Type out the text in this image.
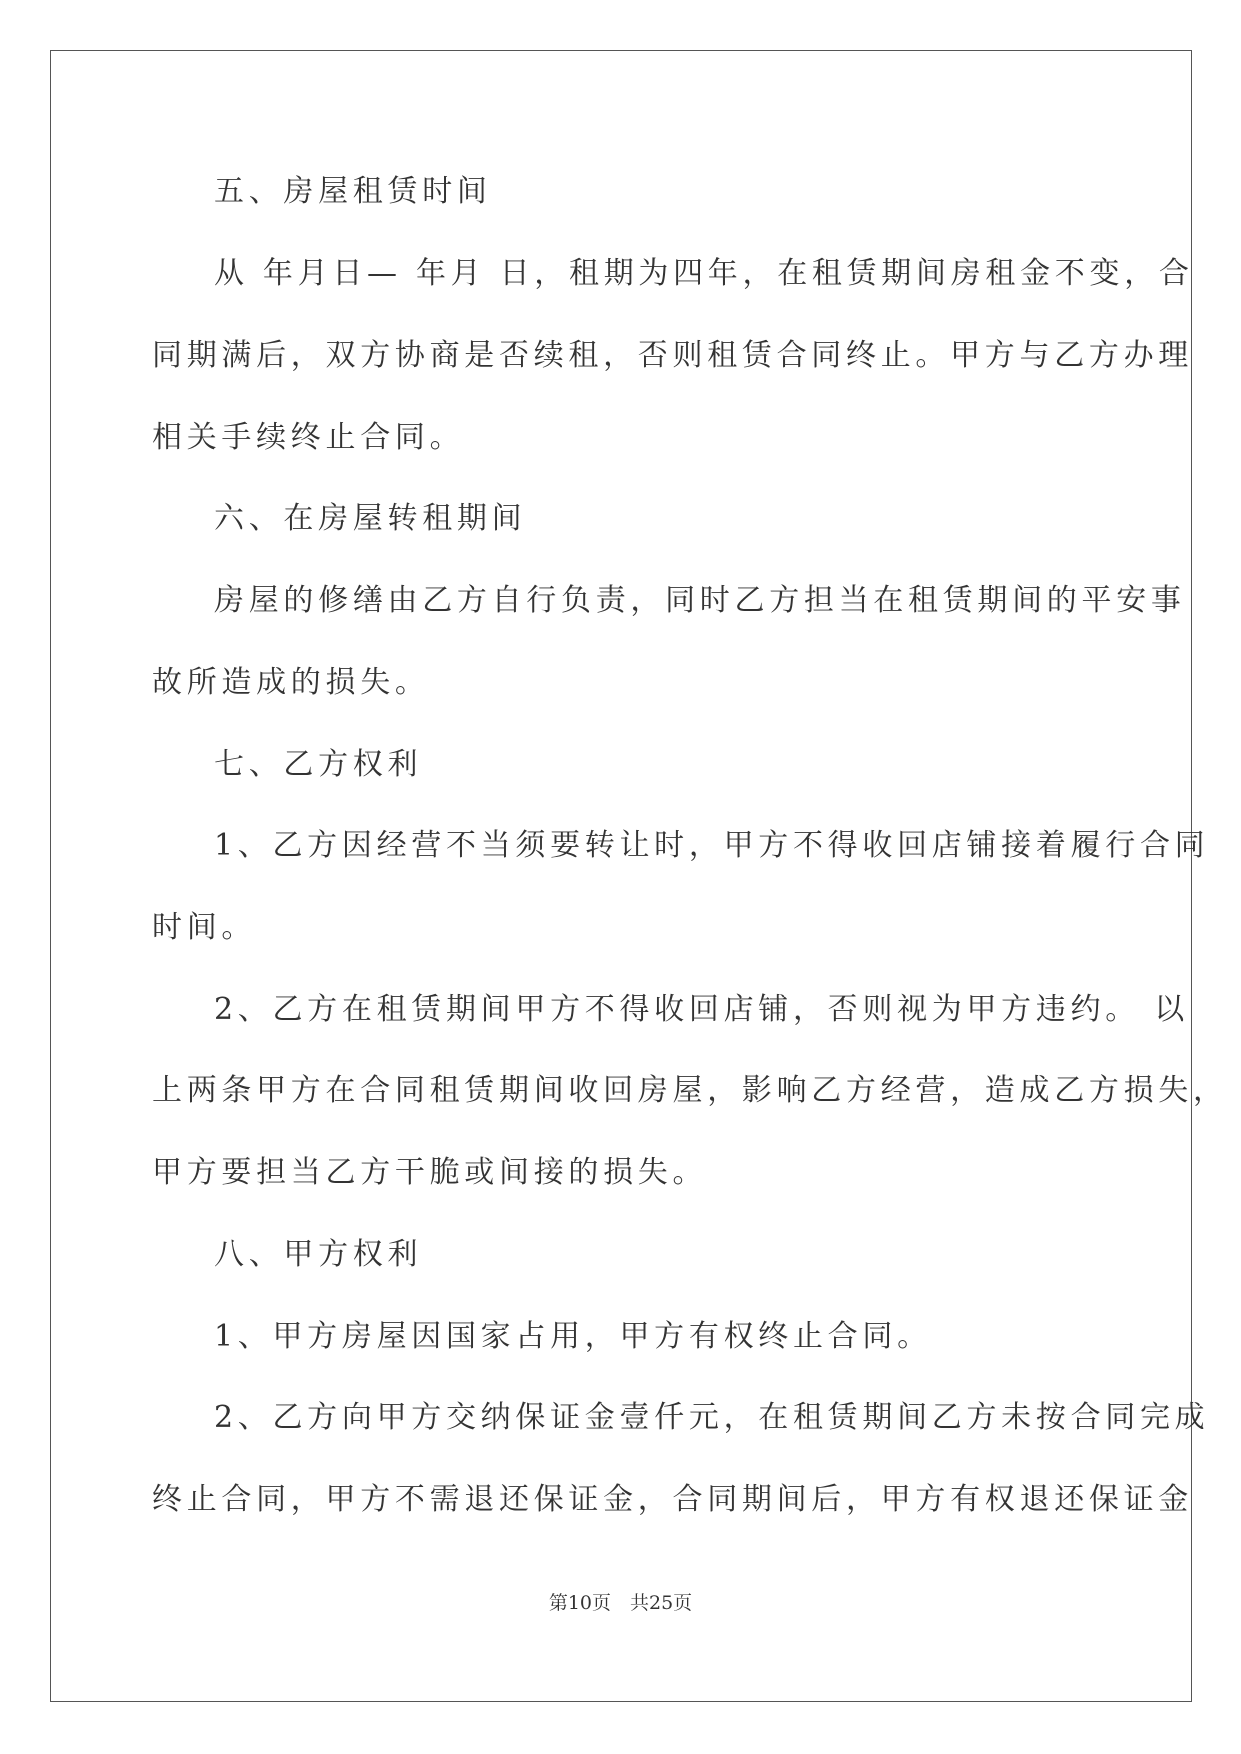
五、房屋租赁时间
从 年月日— 年月 日，租期为四年，在租赁期间房租金不变，合
同期满后，双方协商是否续租，否则租赁合同终止。甲方与乙方办理
相关手续终止合同。
六、在房屋转租期间
房屋的修缮由乙方自行负责，同时乙方担当在租赁期间的平安事
故所造成的损失。
七、乙方权利
1、乙方因经营不当须要转让时，甲方不得收回店铺接着履行合同
时间。
2、乙方在租赁期间甲方不得收回店铺，否则视为甲方违约。 以
上两条甲方在合同租赁期间收回房屋，影响乙方经营，造成乙方损失，
甲方要担当乙方干脆或间接的损失。
八、甲方权利
1、甲方房屋因国家占用，甲方有权终止合同。
2、乙方向甲方交纳保证金壹仟元，在租赁期间乙方未按合同完成
终止合同，甲方不需退还保证金，合同期间后，甲方有权退还保证金
第10页　共25页
